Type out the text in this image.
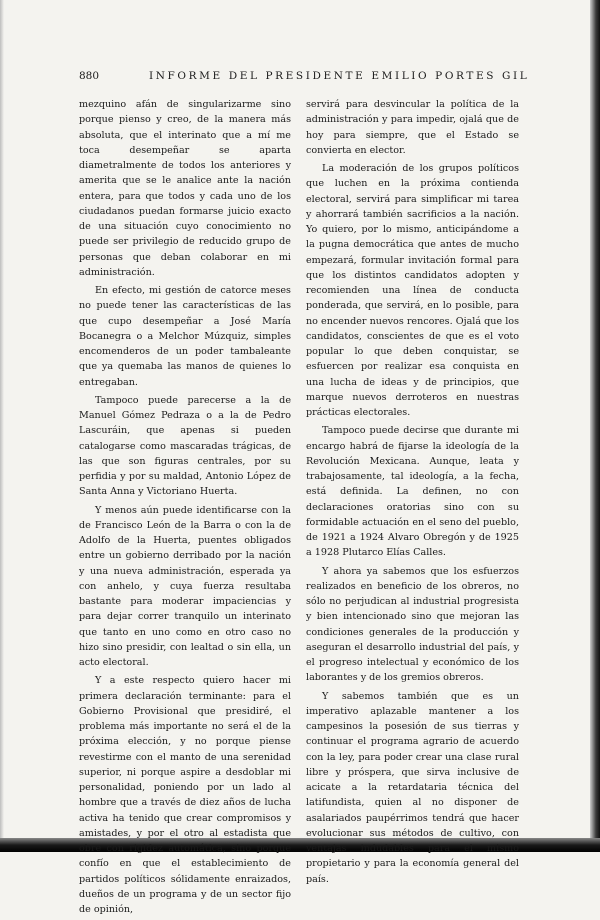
880	INFORME DEL PRESIDENTE EMILIO PORTES GIL

mezquino afán de singularizarme sino porque pienso y creo, de la manera más absoluta, que el interinato que a mí me toca desempeñar se aparta diametralmente de todos los anteriores y amerita que se le analice ante la nación entera, para que todos y cada uno de los ciudadanos puedan formarse juicio exacto de una situación cuyo conocimiento no puede ser privilegio de reducido grupo de personas que deban colaborar en mi administración.

En efecto, mi gestión de catorce meses no puede tener las características de las que cupo desempeñar a José María Bocanegra o a Melchor Múzquiz, simples encomenderos de un poder tambaleante que ya quemaba las manos de quienes lo entregaban.

Tampoco puede parecerse a la de Manuel Gómez Pedraza o a la de Pedro Lascuráin, que apenas si pueden catalogarse como mascaradas trágicas, de las que son figuras centrales, por su perfidia y por su maldad, Antonio López de Santa Anna y Victoriano Huerta.

Y menos aún puede identificarse con la de Francisco León de la Barra o con la de Adolfo de la Huerta, puentes obligados entre un gobierno derribado por la nación y una nueva administración, esperada ya con anhelo, y cuya fuerza resultaba bastante para moderar impaciencias y para dejar correr tranquilo un interinato que tanto en uno como en otro caso no hizo sino presidir, con lealtad o sin ella, un acto electoral.

Y a este respecto quiero hacer mi primera declaración terminante: para el Gobierno Provisional que presidiré, el problema más importante no será el de la próxima elección, y no porque piense revestirme con el manto de una serenidad superior, ni porque aspire a desdoblar mi personalidad, poniendo por un lado al hombre que a través de diez años de lucha activa ha tenido que crear compromisos y amistades, y por el otro al estadista que obre con rigidez automática, sino porque confío en que el establecimiento de partidos políticos sólidamente enraizados, dueños de un programa y de un sector fijo de opinión,

servirá para desvincular la política de la administración y para impedir, ojalá que de hoy para siempre, que el Estado se convierta en elector.

La moderación de los grupos políticos que luchen en la próxima contienda electoral, servirá para simplificar mi tarea y ahorrará también sacrificios a la nación. Yo quiero, por lo mismo, anticipándome a la pugna democrática que antes de mucho empezará, formular invitación formal para que los distintos candidatos adopten y recomienden una línea de conducta ponderada, que servirá, en lo posible, para no encender nuevos rencores. Ojalá que los candidatos, conscientes de que es el voto popular lo que deben conquistar, se esfuercen por realizar esa conquista en una lucha de ideas y de principios, que marque nuevos derroteros en nuestras prácticas electorales.

Tampoco puede decirse que durante mi encargo habrá de fijarse la ideología de la Revolución Mexicana. Aunque, leata y trabajosamente, tal ideología, a la fecha, está definida. La definen, no con declaraciones oratorias sino con su formidable actuación en el seno del pueblo, de 1921 a 1924 Alvaro Obregón y de 1925 a 1928 Plutarco Elías Calles.

Y ahora ya sabemos que los esfuerzos realizados en beneficio de los obreros, no sólo no perjudican al industrial progresista y bien intencionado sino que mejoran las condiciones generales de la producción y aseguran el desarrollo industrial del país, y el progreso intelectual y económico de los laborantes y de los gremios obreros.

Y sabemos también que es un imperativo aplazable mantener a los campesinos la posesión de sus tierras y continuar el programa agrario de acuerdo con la ley, para poder crear una clase rural libre y próspera, que sirva inclusive de acicate a la retardataria técnica del latifundista, quien al no disponer de asalariados paupérrimos tendrá que hacer evolucionar sus métodos de cultivo, con ventajas indudables para el mismo propietario y para la economía general del país.
